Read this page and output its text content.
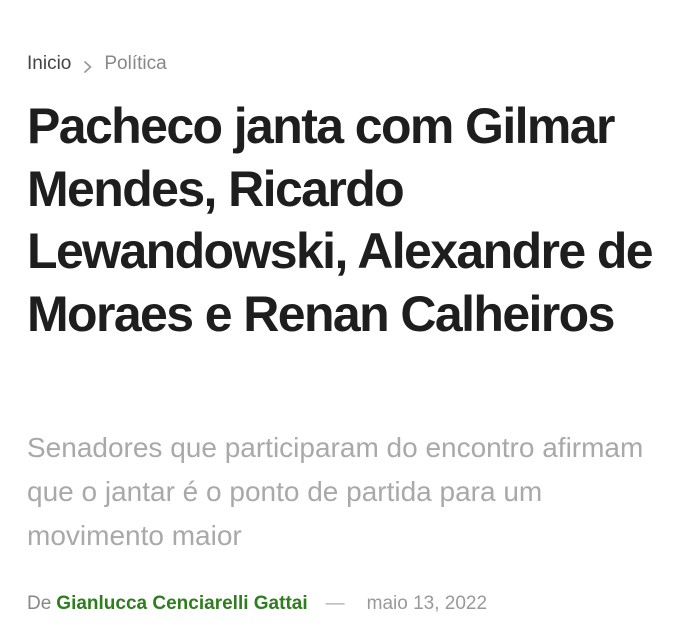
Inicio Política
Pacheco janta com Gilmar Mendes, Ricardo Lewandowski, Alexandre de Moraes e Renan Calheiros

Senadores que participaram do encontro afirmam que o jantar é o ponto de partida para um movimento maior

De Gianlucca Cenciarelli Gattai — maio 13, 2022
